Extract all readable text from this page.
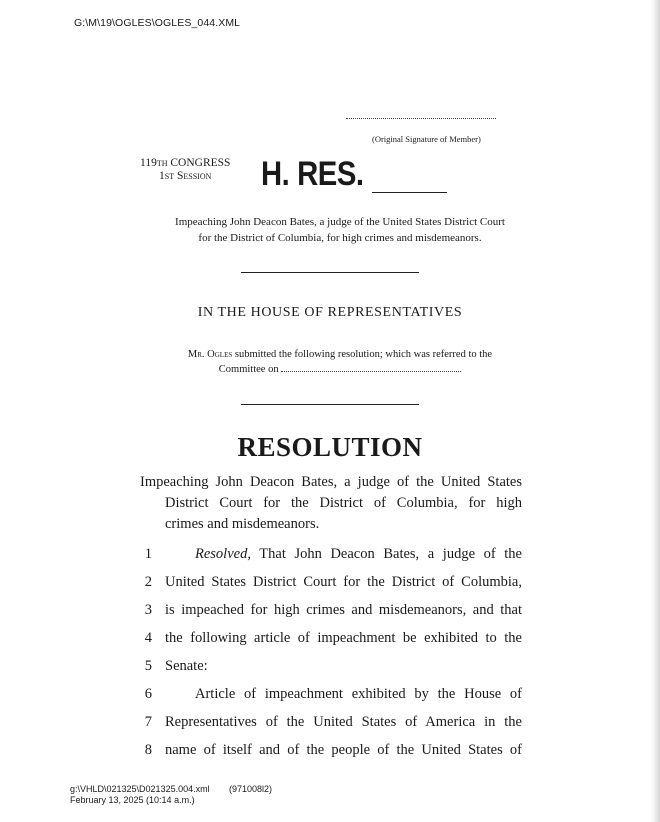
G:\M\19\OGLES\OGLES_044.XML
(Original Signature of Member)
119th CONGRESS
1st Session	H. RES.
Impeaching John Deacon Bates, a judge of the United States District Court
for the District of Columbia, for high crimes and misdemeanors.
IN THE HOUSE OF REPRESENTATIVES
Mr. Ogles submitted the following resolution; which was referred to the
Committee on
RESOLUTION
Impeaching John Deacon Bates, a judge of the United States
District Court for the District of Columbia, for high
crimes and misdemeanors.
1	Resolved, That John Deacon Bates, a judge of the
2 United States District Court for the District of Columbia,
3 is impeached for high crimes and misdemeanors, and that
4 the following article of impeachment be exhibited to the
5 Senate:
6	Article of impeachment exhibited by the House of
7 Representatives of the United States of America in the
8 name of itself and of the people of the United States of
g:\VHLD\021325\D021325.004.xml
February 13, 2025 (10:14 a.m.)
(971008l2)
